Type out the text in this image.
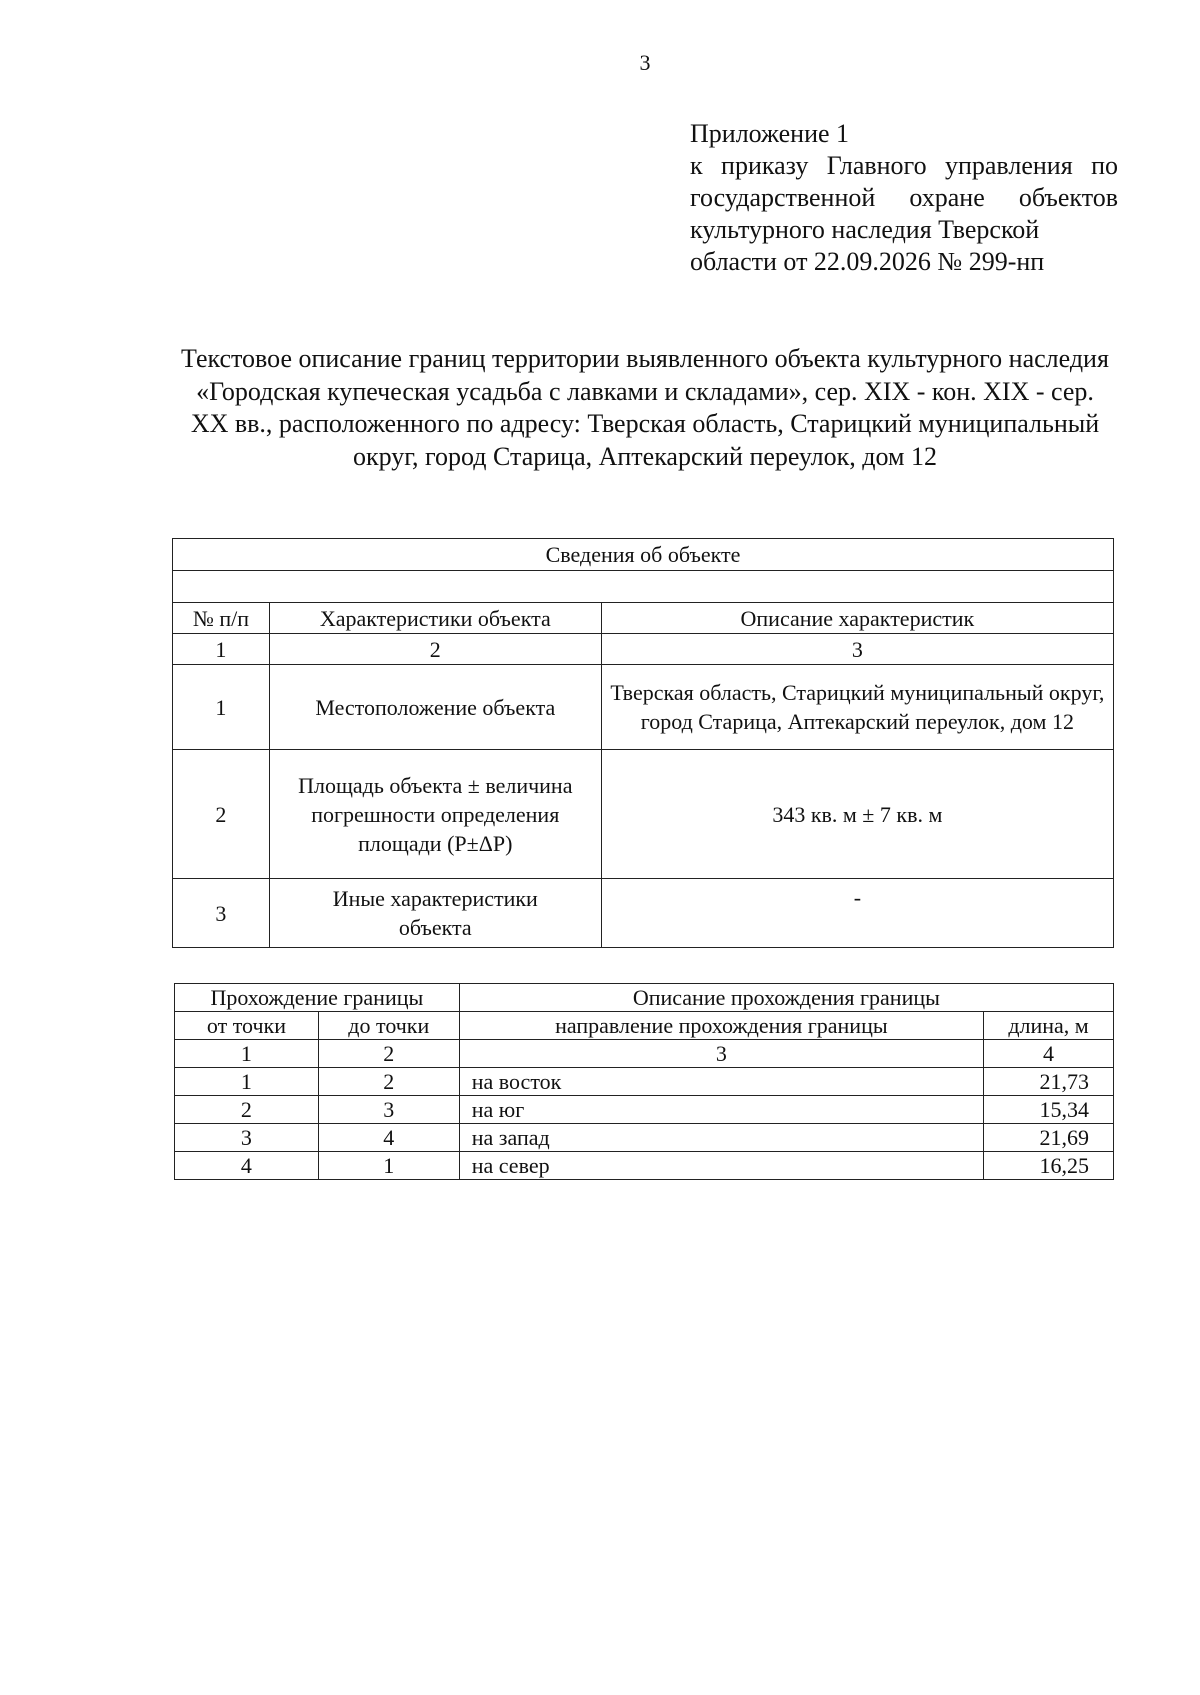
3
Приложение 1
к приказу Главного управления по государственной охране объектов культурного наследия Тверской
области от 22.09.2026 № 299-нп
Текстовое описание границ территории выявленного объекта культурного наследия «Городская купеческая усадьба с лавками и складами», сер. XIX - кон. XIX - сер. XX вв., расположенного по адресу: Тверская область, Старицкий муниципальный округ, город Старица, Аптекарский переулок, дом 12
Сведения об объекте		

№ п/п	Характеристики объекта	Описание характеристик
1	2	3
1	Местоположение объекта	Тверская область, Старицкий муниципальный округ, город Старица, Аптекарский переулок, дом 12
2	Площадь объекта ± величина погрешности определения площади (P±ΔP)	343 кв. м ± 7 кв. м
3	Иные характеристики объекта	-
Прохождение границы		Описание прохождения границы	
от точки	до точки	направление прохождения границы	длина, м
1	2	3	4
1	2	на восток	21,73
2	3	на юг	15,34
3	4	на запад	21,69
4	1	на север	16,25
